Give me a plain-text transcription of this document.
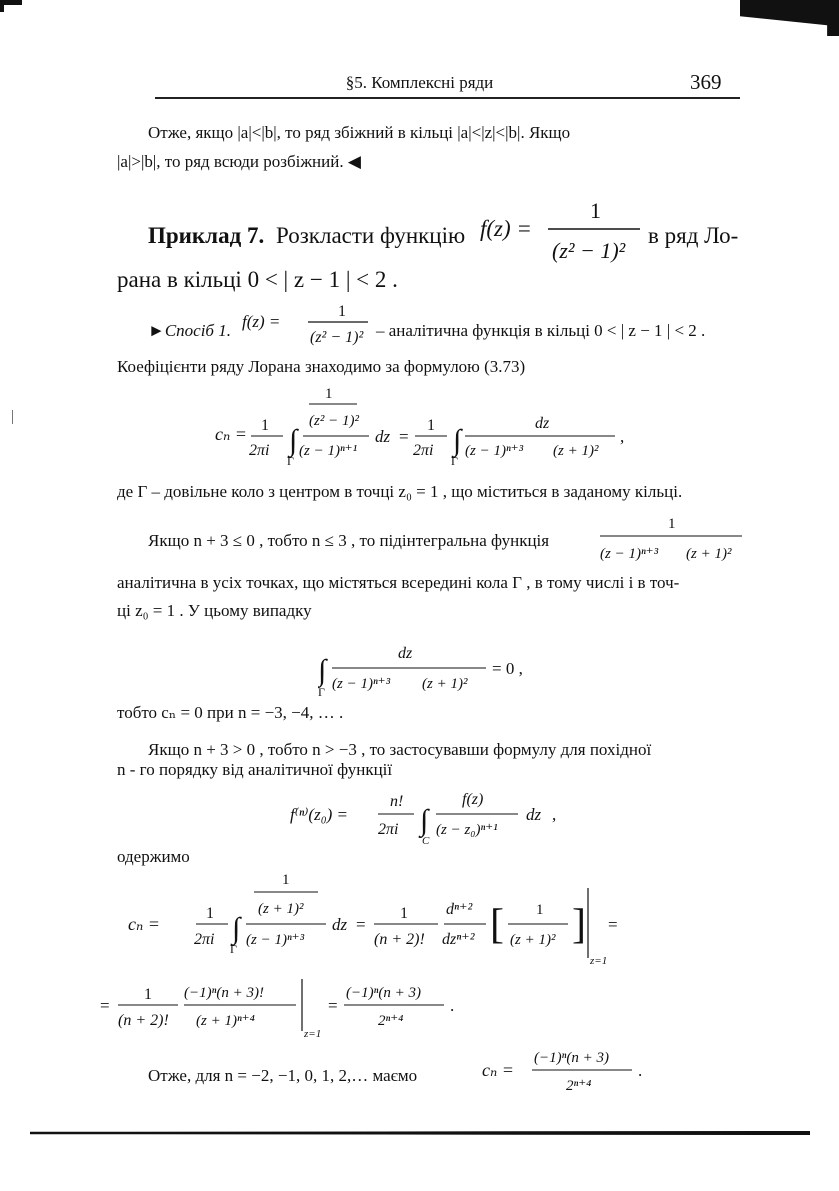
§5. Комплексні ряди	369
Отже, якщо |a|<|b|, то ряд збіжний в кільці |a|<|z|<|b|. Якщо
|a|>|b|, то ряд всюди розбіжний. ◀
Приклад 7. Розкласти функцію f(z) =
1
(z² − 1)²
в ряд Ло-
рана в кільці 0 < | z − 1 | < 2 .
►Спосіб 1. f(z) =
1
(z² − 1)² – аналітична функція в кільці 0 < | z − 1 | < 2 .
Коефіцієнти ряду Лорана знаходимо за формулою (3.73)
cₙ = 1
2πi ∫
Γ
1
(z² − 1)²
(z − 1)ⁿ⁺¹
dz =
1
2πi ∫
Γ
dz
(z − 1)ⁿ⁺³ (z + 1)²
,
де Γ – довільне коло з центром в точці z₀ = 1 , що міститься в заданому кільці.
Якщо n + 3 ≤ 0 , тобто n ≤ 3 , то підінтегральна функція
1
(z − 1)ⁿ⁺³ (z + 1)²
аналітична в усіх точках, що містяться всередині кола Γ , в тому числі і в точ-
ці z₀ = 1 . У цьому випадку
∫
Γ
dz
(z − 1)ⁿ⁺³ (z + 1)²
= 0 ,
тобто cₙ = 0 при n = −3, −4, … .
Якщо n + 3 > 0 , тобто n > −3 , то застосувавши формулу для похідної
n - го порядку від аналітичної функції
f⁽ⁿ⁾(z₀) =
n!
2πi ∫
C
f(z)
(z − z₀)ⁿ⁺¹
dz ,
одержимо
cₙ =
1
2πi ∫
Γ
1
(z + 1)²
(z − 1)ⁿ⁺³
dz =
1
(n + 2)!
dⁿ⁺²
dzⁿ⁺² [ 1
(z + 1)² ]
z=1
=
=
1
(n + 2)!
(−1)ⁿ(n + 3)!
(z + 1)ⁿ⁺⁴
z=1
=
(−1)ⁿ(n + 3)
2ⁿ⁺⁴
.
Отже, для n = −2, −1, 0, 1, 2,… маємо	cₙ =
(−1)ⁿ(n + 3)
2ⁿ⁺⁴
.
